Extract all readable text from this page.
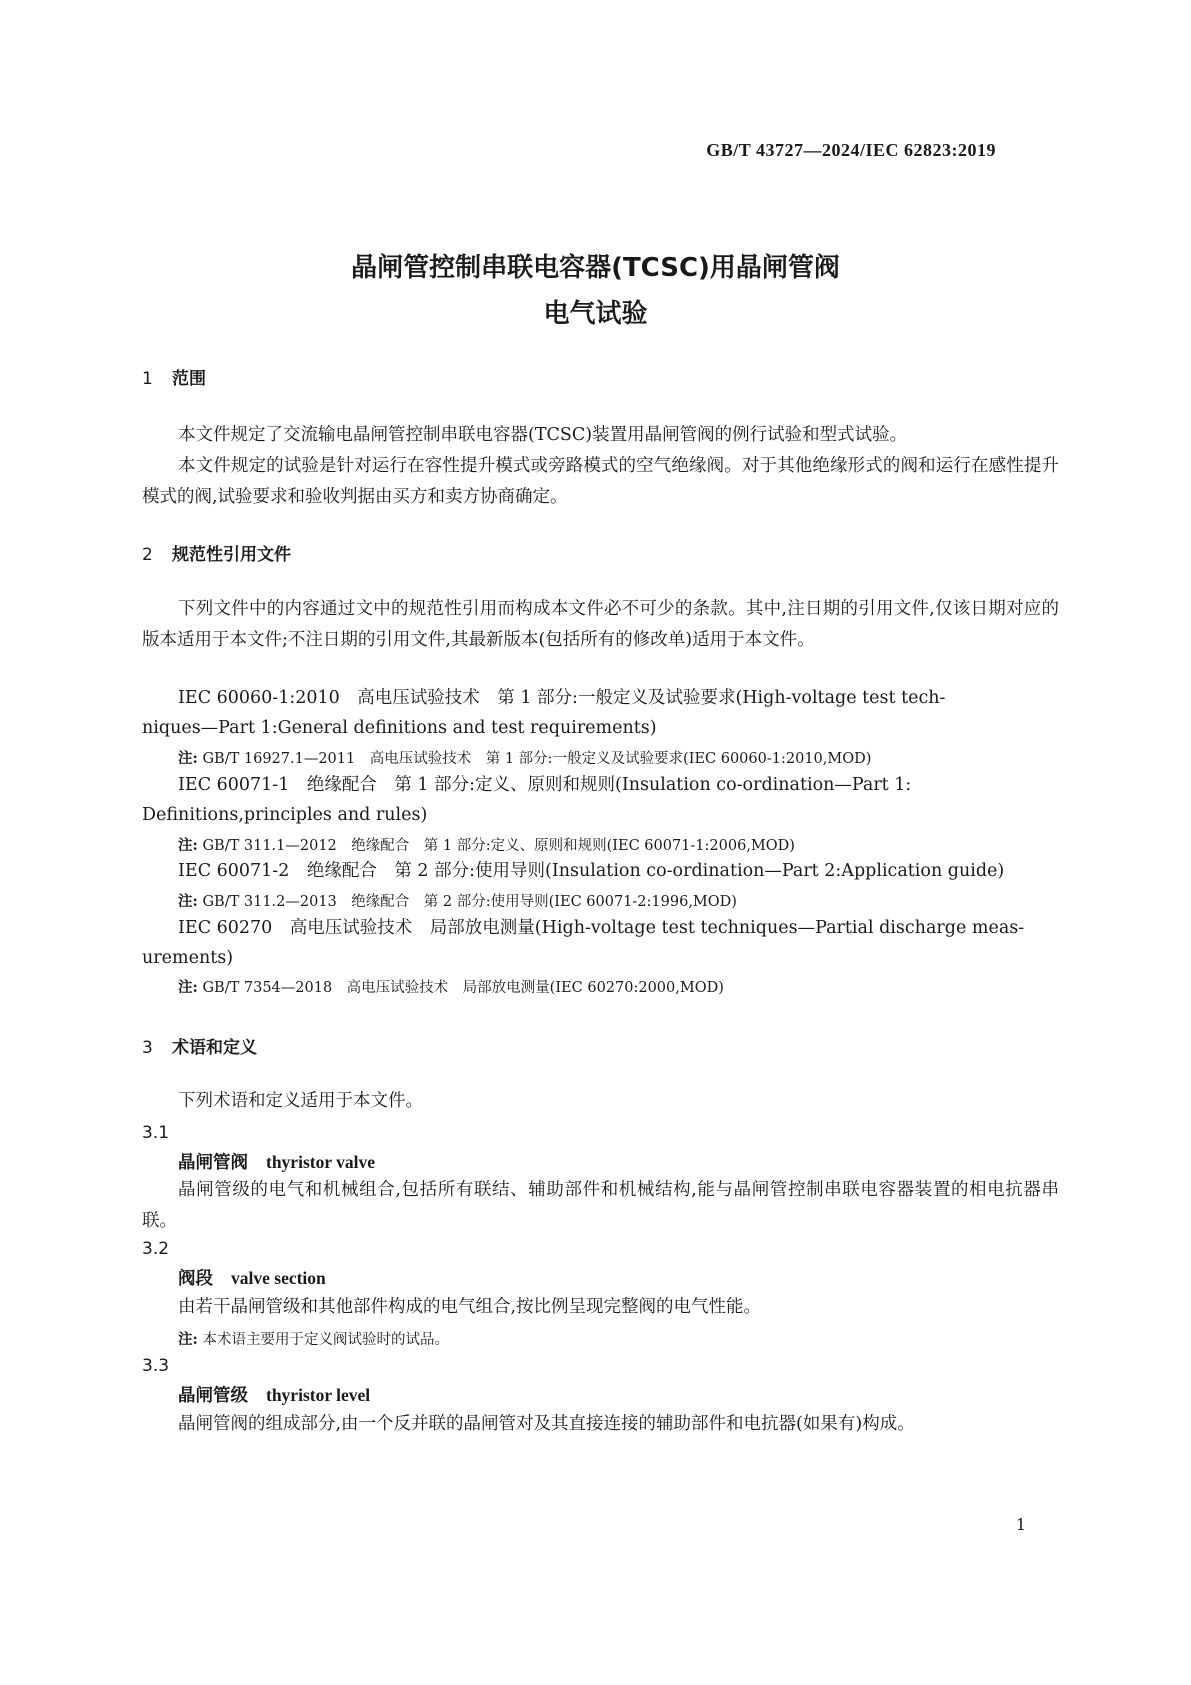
GB/T 43727—2024/IEC 62823:2019
晶闸管控制串联电容器(TCSC)用晶闸管阀
电气试验
1 范围
本文件规定了交流输电晶闸管控制串联电容器(TCSC)装置用晶闸管阀的例行试验和型式试验。
本文件规定的试验是针对运行在容性提升模式或旁路模式的空气绝缘阀。对于其他绝缘形式的阀和运行在感性提升模式的阀,试验要求和验收判据由买方和卖方协商确定。
2 规范性引用文件
下列文件中的内容通过文中的规范性引用而构成本文件必不可少的条款。其中,注日期的引用文件,仅该日期对应的版本适用于本文件;不注日期的引用文件,其最新版本(包括所有的修改单)适用于本文件。
IEC 60060-1:2010　高电压试验技术　第 1 部分:一般定义及试验要求(High-voltage test tech-
niques—Part 1:General definitions and test requirements)
注: GB/T 16927.1—2011　高电压试验技术　第 1 部分:一般定义及试验要求(IEC 60060-1:2010,MOD)
IEC 60071-1　绝缘配合　第 1 部分:定义、原则和规则(Insulation co-ordination—Part 1:
Definitions,principles and rules)
注: GB/T 311.1—2012　绝缘配合　第 1 部分:定义、原则和规则(IEC 60071-1:2006,MOD)
IEC 60071-2　绝缘配合　第 2 部分:使用导则(Insulation co-ordination—Part 2:Application guide)
注: GB/T 311.2—2013　绝缘配合　第 2 部分:使用导则(IEC 60071-2:1996,MOD)
IEC 60270　高电压试验技术　局部放电测量(High-voltage test techniques—Partial discharge meas-
urements)
注: GB/T 7354—2018　高电压试验技术　局部放电测量(IEC 60270:2000,MOD)
3 术语和定义
下列术语和定义适用于本文件。
3.1
晶闸管阀 thyristor valve
晶闸管级的电气和机械组合,包括所有联结、辅助部件和机械结构,能与晶闸管控制串联电容器装置的相电抗器串联。
3.2
阀段 valve section
由若干晶闸管级和其他部件构成的电气组合,按比例呈现完整阀的电气性能。
注: 本术语主要用于定义阀试验时的试品。
3.3
晶闸管级 thyristor level
晶闸管阀的组成部分,由一个反并联的晶闸管对及其直接连接的辅助部件和电抗器(如果有)构成。
1
